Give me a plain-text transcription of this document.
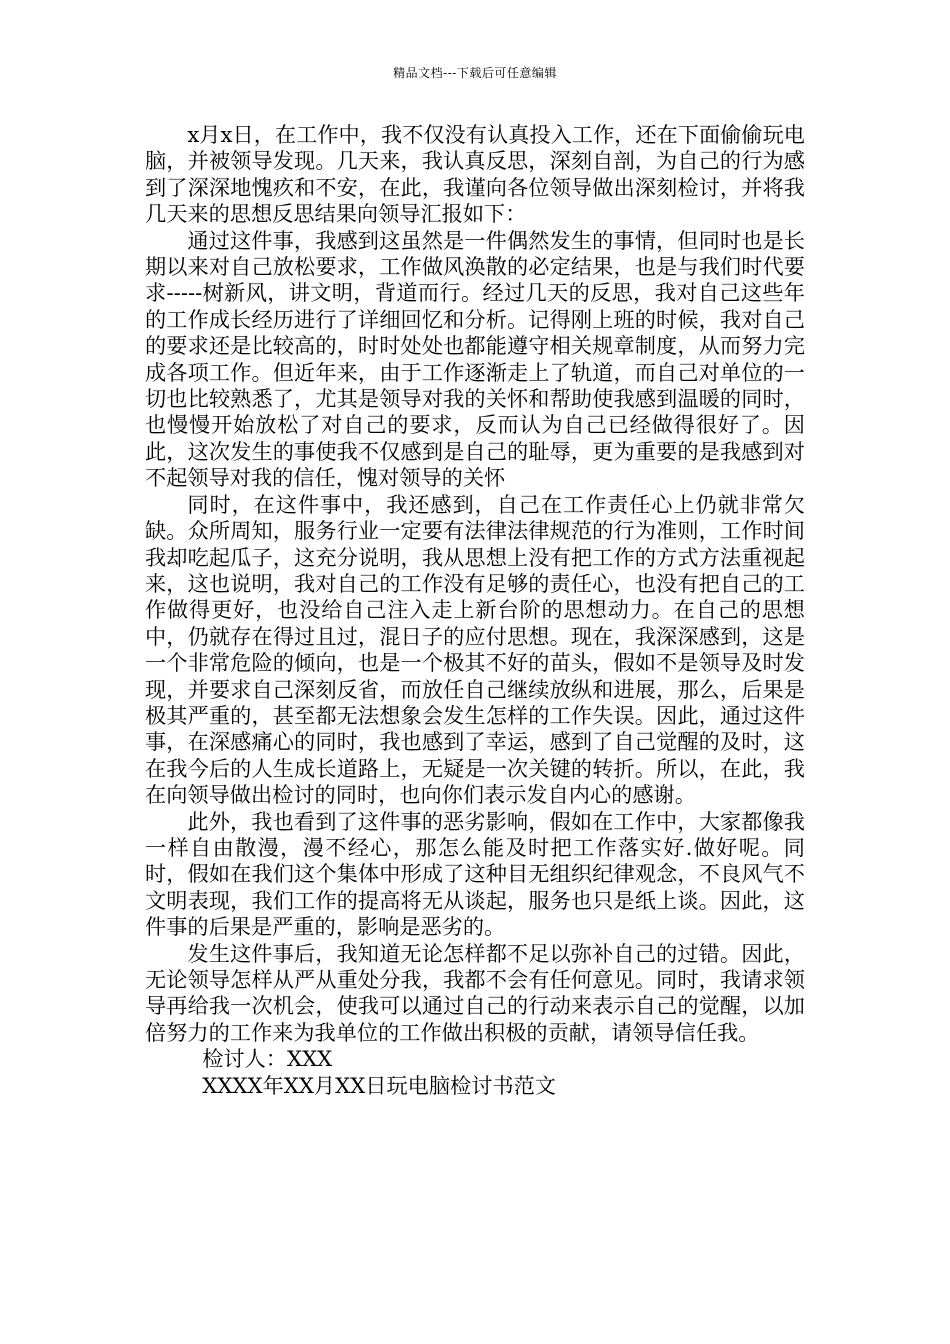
精品文档---下载后可任意编辑

x月x日，在工作中，我不仅没有认真投入工作，还在下面偷偷玩电脑，并被领导发现。几天来，我认真反思，深刻自剖，为自己的行为感到了深深地愧疚和不安，在此，我谨向各位领导做出深刻检讨，并将我几天来的思想反思结果向领导汇报如下：

通过这件事，我感到这虽然是一件偶然发生的事情，但同时也是长期以来对自己放松要求，工作做风涣散的必定结果，也是与我们时代要求-----树新风，讲文明，背道而行。经过几天的反思，我对自己这些年的工作成长经历进行了详细回忆和分析。记得刚上班的时候，我对自己的要求还是比较高的，时时处处也都能遵守相关规章制度，从而努力完成各项工作。但近年来，由于工作逐渐走上了轨道，而自己对单位的一切也比较熟悉了，尤其是领导对我的关怀和帮助使我感到温暖的同时，也慢慢开始放松了对自己的要求，反而认为自己已经做得很好了。因此，这次发生的事使我不仅感到是自己的耻辱，更为重要的是我感到对不起领导对我的信任，愧对领导的关怀

同时，在这件事中，我还感到，自己在工作责任心上仍就非常欠缺。众所周知，服务行业一定要有法律法律规范的行为准则，工作时间我却吃起瓜子，这充分说明，我从思想上没有把工作的方式方法重视起来，这也说明，我对自己的工作没有足够的责任心，也没有把自己的工作做得更好，也没给自己注入走上新台阶的思想动力。在自己的思想中，仍就存在得过且过，混日子的应付思想。现在，我深深感到，这是一个非常危险的倾向，也是一个极其不好的苗头，假如不是领导及时发现，并要求自己深刻反省，而放任自己继续放纵和进展，那么，后果是极其严重的，甚至都无法想象会发生怎样的工作失误。因此，通过这件事，在深感痛心的同时，我也感到了幸运，感到了自己觉醒的及时，这在我今后的人生成长道路上，无疑是一次关键的转折。所以，在此，我在向领导做出检讨的同时，也向你们表示发自内心的感谢。

此外，我也看到了这件事的恶劣影响，假如在工作中，大家都像我一样自由散漫，漫不经心，那怎么能及时把工作落实好.做好呢。同时，假如在我们这个集体中形成了这种目无组织纪律观念，不良风气不文明表现，我们工作的提高将无从谈起，服务也只是纸上谈。因此，这件事的后果是严重的，影响是恶劣的。

发生这件事后，我知道无论怎样都不足以弥补自己的过错。因此，无论领导怎样从严从重处分我，我都不会有任何意见。同时，我请求领导再给我一次机会，使我可以通过自己的行动来表示自己的觉醒，以加倍努力的工作来为我单位的工作做出积极的贡献，请领导信任我。

检讨人：XXX

XXXX年XX月XX日玩电脑检讨书范文
